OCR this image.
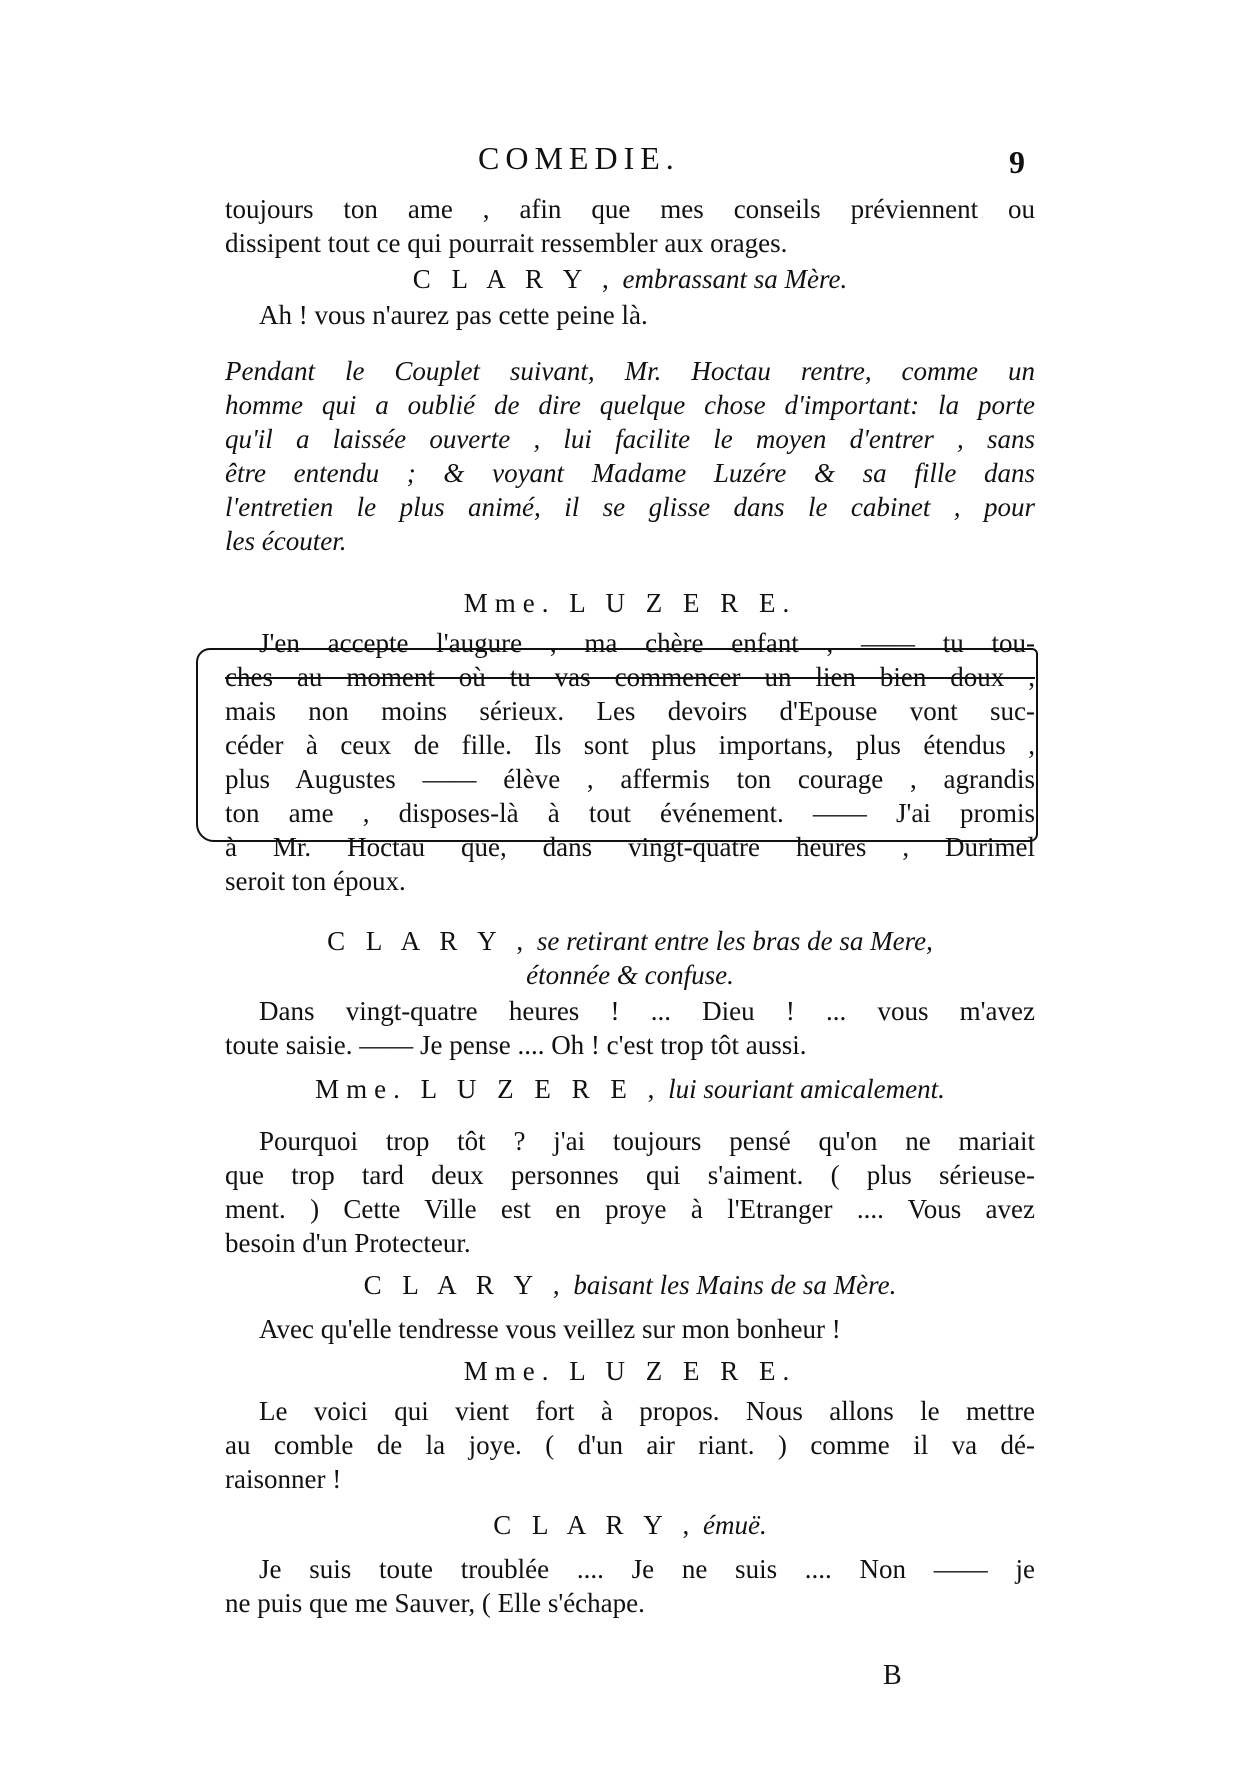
COMEDIE.	9
toujours ton ame , afin que mes conseils préviennent ou
dissipent tout ce qui pourrait ressembler aux orages.
C L A R Y , embrassant sa Mère.
Ah ! vous n'aurez pas cette peine là.
Pendant le Couplet suivant, Mr. Hoctau rentre, comme un
homme qui a oublié de dire quelque chose d'important: la porte
qu'il a laissée ouverte , lui facilite le moyen d'entrer , sans
être entendu ; & voyant Madame Luzére & sa fille dans
l'entretien le plus animé, il se glisse dans le cabinet , pour
les écouter.
Mme. L U Z E R E.
J'en accepte l'augure , ma chère enfant , —— tu tou-
ches au moment où tu vas commencer un lien bien doux ,
mais non moins sérieux. Les devoirs d'Epouse vont suc-
céder à ceux de fille. Ils sont plus importans, plus étendus ,
plus Augustes —— élève , affermis ton courage , agrandis
ton ame , disposes-là à tout événement. —— J'ai promis
à Mr. Hoctau que, dans vingt-quatre heures , Durimel
seroit ton époux.
C L A R Y , se retirant entre les bras de sa Mere,
étonnée & confuse.
Dans vingt-quatre heures ! ... Dieu ! ... vous m'avez
toute saisie. —— Je pense .... Oh ! c'est trop tôt aussi.
Mme. L U Z E R E , lui souriant amicalement.
Pourquoi trop tôt ? j'ai toujours pensé qu'on ne mariait
que trop tard deux personnes qui s'aiment. ( plus sérieuse-
ment. ) Cette Ville est en proye à l'Etranger .... Vous avez
besoin d'un Protecteur.
C L A R Y , baisant les Mains de sa Mère.
Avec qu'elle tendresse vous veillez sur mon bonheur !
Mme. L U Z E R E.
Le voici qui vient fort à propos. Nous allons le mettre
au comble de la joye. ( d'un air riant. ) comme il va dé-
raisonner !
C L A R Y , émuë.
Je suis toute troublée .... Je ne suis .... Non —— je
ne puis que me Sauver, ( Elle s'échape.
B
